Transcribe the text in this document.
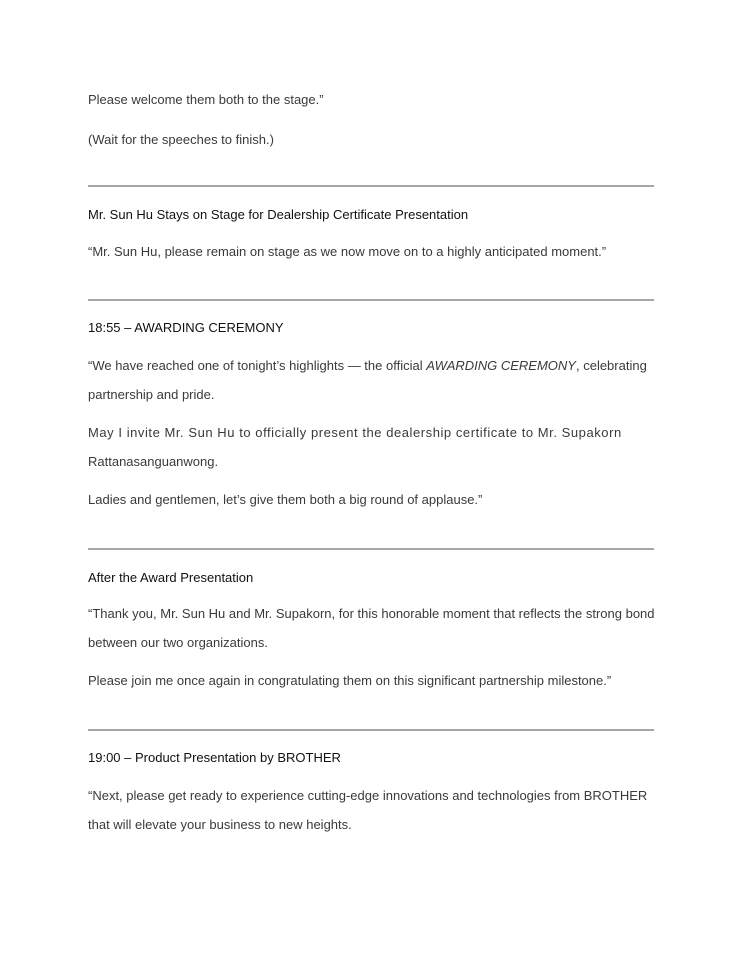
Please welcome them both to the stage.”
(Wait for the speeches to finish.)
Mr. Sun Hu Stays on Stage for Dealership Certificate Presentation
“Mr. Sun Hu, please remain on stage as we now move on to a highly anticipated moment.”
18:55 – AWARDING CEREMONY
“We have reached one of tonight’s highlights — the official AWARDING CEREMONY, celebrating
partnership and pride.
May I invite Mr. Sun Hu to officially present the dealership certificate to Mr. Supakorn
Rattanasanguanwong.
Ladies and gentlemen, let’s give them both a big round of applause.”
After the Award Presentation
“Thank you, Mr. Sun Hu and Mr. Supakorn, for this honorable moment that reflects the strong bond
between our two organizations.
Please join me once again in congratulating them on this significant partnership milestone.”
19:00 – Product Presentation by BROTHER
“Next, please get ready to experience cutting-edge innovations and technologies from BROTHER
that will elevate your business to new heights.
